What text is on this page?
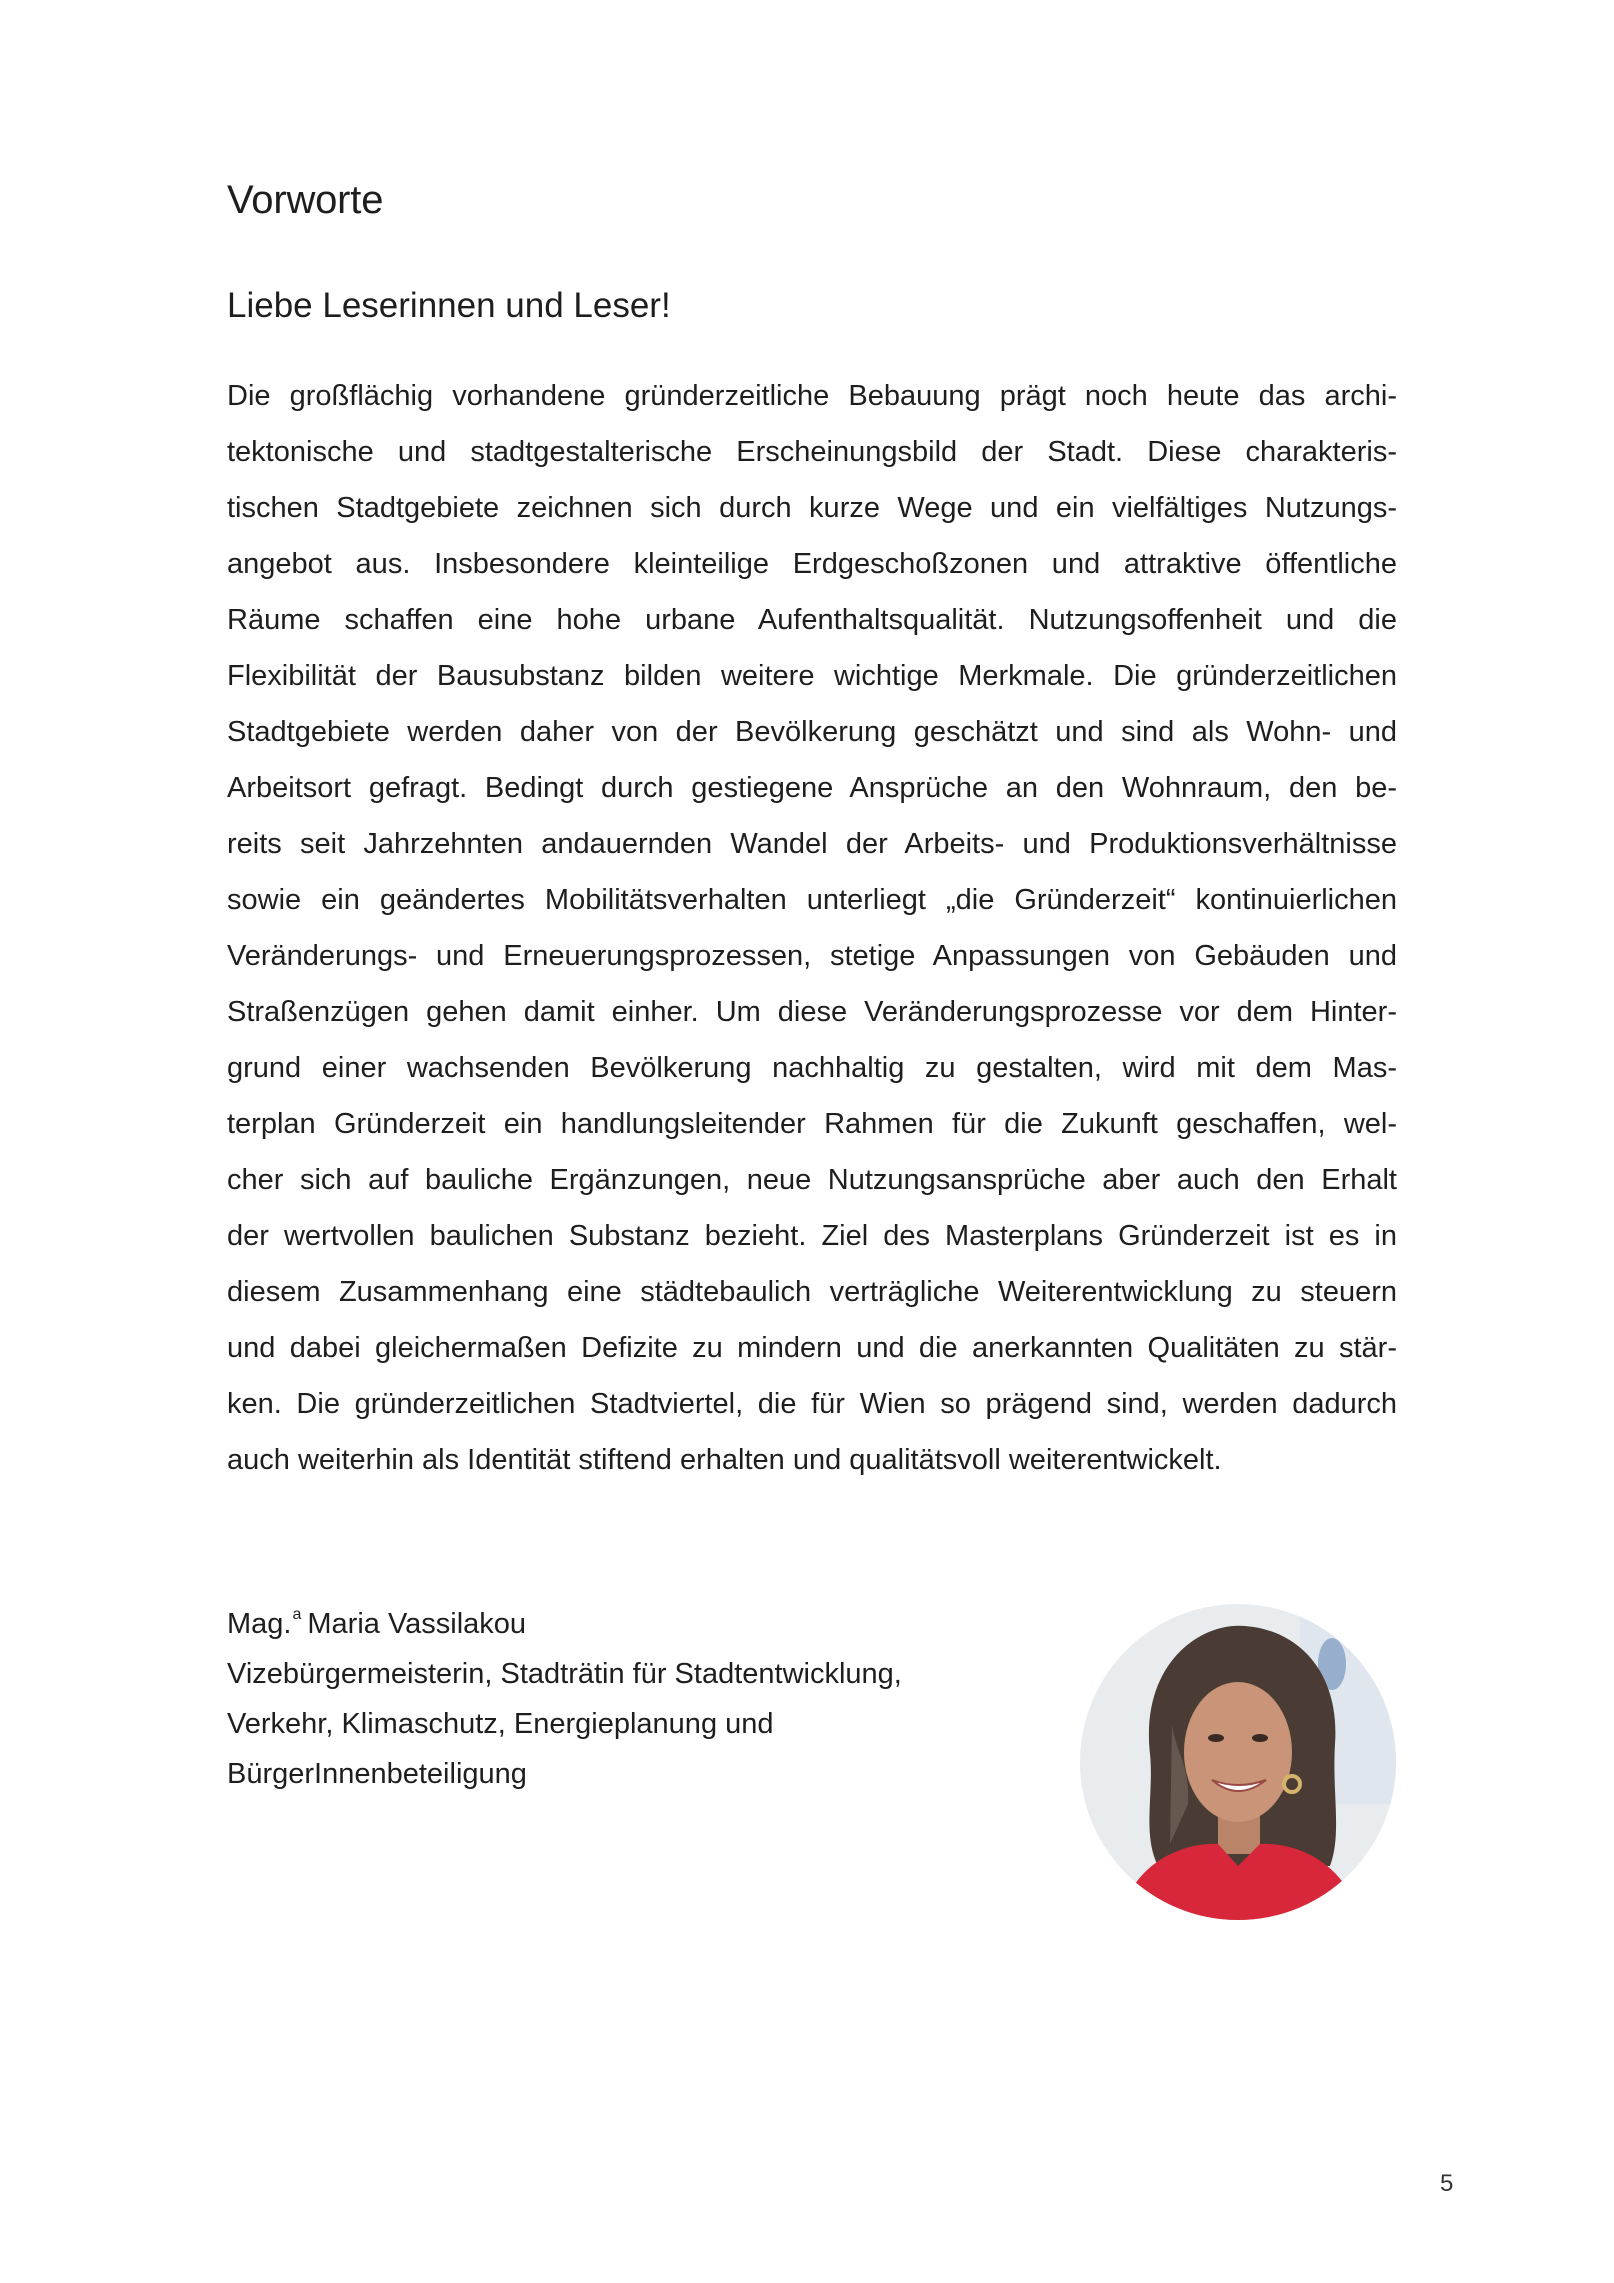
Vorworte
Liebe Leserinnen und Leser!
Die großflächig vorhandene gründerzeitliche Bebauung prägt noch heute das archi-
tektonische und stadtgestalterische Erscheinungsbild der Stadt. Diese charakteris-
tischen Stadtgebiete zeichnen sich durch kurze Wege und ein vielfältiges Nutzungs-
angebot aus. Insbesondere kleinteilige Erdgeschoßzonen und attraktive öffentliche
Räume schaffen eine hohe urbane Aufenthaltsqualität. Nutzungsoffenheit und die
Flexibilität der Bausubstanz bilden weitere wichtige Merkmale. Die gründerzeitlichen
Stadtgebiete werden daher von der Bevölkerung geschätzt und sind als Wohn- und
Arbeitsort gefragt. Bedingt durch gestiegene Ansprüche an den Wohnraum, den be-
reits seit Jahrzehnten andauernden Wandel der Arbeits- und Produktionsverhältnisse
sowie ein geändertes Mobilitätsverhalten unterliegt „die Gründerzeit“ kontinuierlichen
Veränderungs- und Erneuerungsprozessen, stetige Anpassungen von Gebäuden und
Straßenzügen gehen damit einher. Um diese Veränderungsprozesse vor dem Hinter-
grund einer wachsenden Bevölkerung nachhaltig zu gestalten, wird mit dem Mas-
terplan Gründerzeit ein handlungsleitender Rahmen für die Zukunft geschaffen, wel-
cher sich auf bauliche Ergänzungen, neue Nutzungsansprüche aber auch den Erhalt
der wertvollen baulichen Substanz bezieht. Ziel des Masterplans Gründerzeit ist es in
diesem Zusammenhang eine städtebaulich verträgliche Weiterentwicklung zu steuern
und dabei gleichermaßen Defizite zu mindern und die anerkannten Qualitäten zu stär-
ken. Die gründerzeitlichen Stadtviertel, die für Wien so prägend sind, werden dadurch
auch weiterhin als Identität stiftend erhalten und qualitätsvoll weiterentwickelt.
Mag.$^a$ Maria Vassilakou
Vizebürgermeisterin, Stadträtin für Stadtentwicklung,
Verkehr, Klimaschutz, Energieplanung und
BürgerInnenbeteiligung
5
